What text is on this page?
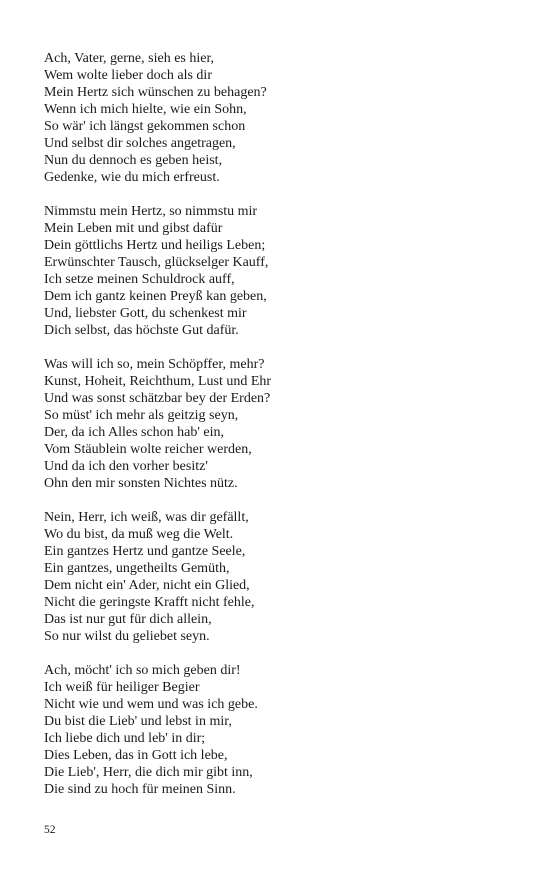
Ach, Vater, gerne, sieh es hier,
Wem wolte lieber doch als dir
Mein Hertz sich wünschen zu behagen?
Wenn ich mich hielte, wie ein Sohn,
So wär' ich längst gekommen schon
Und selbst dir solches angetragen,
Nun du dennoch es geben heist,
Gedenke, wie du mich erfreust.
Nimmstu mein Hertz, so nimmstu mir
Mein Leben mit und gibst dafür
Dein göttlichs Hertz und heiligs Leben;
Erwünschter Tausch, glückselger Kauff,
Ich setze meinen Schuldrock auff,
Dem ich gantz keinen Preyß kan geben,
Und, liebster Gott, du schenkest mir
Dich selbst, das höchste Gut dafür.
Was will ich so, mein Schöpffer, mehr?
Kunst, Hoheit, Reichthum, Lust und Ehr
Und was sonst schätzbar bey der Erden?
So müst' ich mehr als geitzig seyn,
Der, da ich Alles schon hab' ein,
Vom Stäublein wolte reicher werden,
Und da ich den vorher besitz'
Ohn den mir sonsten Nichtes nütz.
Nein, Herr, ich weiß, was dir gefällt,
Wo du bist, da muß weg die Welt.
Ein gantzes Hertz und gantze Seele,
Ein gantzes, ungetheilts Gemüth,
Dem nicht ein' Ader, nicht ein Glied,
Nicht die geringste Krafft nicht fehle,
Das ist nur gut für dich allein,
So nur wilst du geliebet seyn.
Ach, möcht' ich so mich geben dir!
Ich weiß für heiliger Begier
Nicht wie und wem und was ich gebe.
Du bist die Lieb' und lebst in mir,
Ich liebe dich und leb' in dir;
Dies Leben, das in Gott ich lebe,
Die Lieb', Herr, die dich mir gibt inn,
Die sind zu hoch für meinen Sinn.
52
